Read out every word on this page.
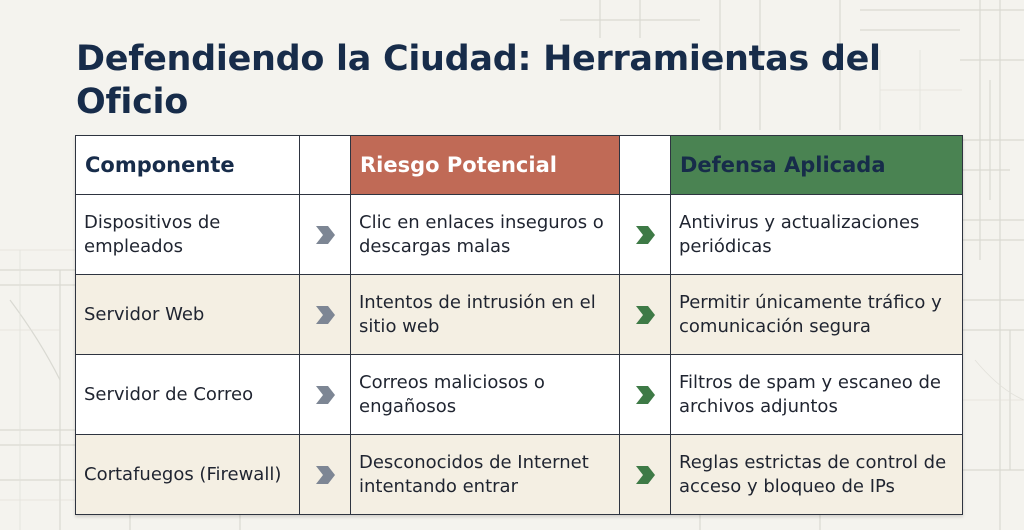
Defendiendo la Ciudad: Herramientas del Oficio
Componente	Riesgo Potencial	Defensa Aplicada
Dispositivos de empleados
Clic en enlaces inseguros o descargas malas
Antivirus y actualizaciones periódicas
Servidor Web
Intentos de intrusión en el sitio web
Permitir únicamente tráfico y comunicación segura
Servidor de Correo
Correos maliciosos o engañosos
Filtros de spam y escaneo de archivos adjuntos
Cortafuegos (Firewall)
Desconocidos de Internet intentando entrar
Reglas estrictas de control de acceso y bloqueo de IPs
